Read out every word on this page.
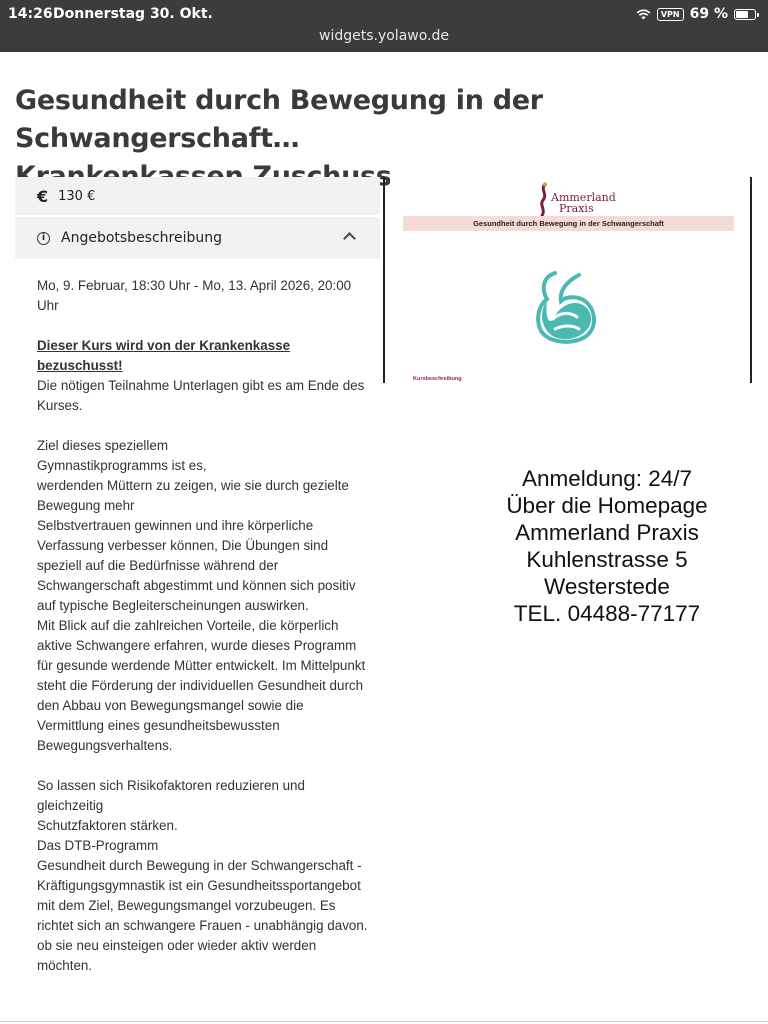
14:26 Donnerstag 30. Okt.	VPN 69 %
widgets.yolawo.de
Gesundheit durch Bewegung in der Schwangerschaft…

€ 130 €
i	Angebotsbeschreibung

Mo, 9. Februar, 18:30 Uhr - Mo, 13. April 2026, 20:00 Uhr

Dieser Kurs wird von der Krankenkasse bezuschusst!

Die nötigen Teilnahme Unterlagen gibt es am Ende des Kurses.

Ziel dieses speziellem

Gymnastikprogramms ist es,

werdenden Müttern zu zeigen, wie sie durch gezielte Bewegung mehr

Selbstvertrauen gewinnen und ihre körperliche Verfassung verbesser können, Die Übungen sind speziell auf die Bedürfnisse während der Schwangerschaft abgestimmt und können sich positiv auf typische Begleiterscheinungen auswirken.

Mit Blick auf die zahlreichen Vorteile, die körperlich aktive Schwangere erfahren, wurde dieses Programm für gesunde werdende Mütter entwickelt. Im Mittelpunkt steht die Förderung der individuellen Gesundheit durch den Abbau von Bewegungsmangel sowie die Vermittlung eines gesundheitsbewussten Bewegungsverhaltens.

So lassen sich Risikofaktoren reduzieren und gleichzeitig

Schutzfaktoren stärken.

Das DTB-Programm

Gesundheit durch Bewegung in der Schwangerschaft - Kräftigungsgymnastik ist ein Gesundheitssportangebot mit dem Ziel, Bewegungsmangel vorzubeugen. Es richtet sich an schwangere Frauen - unabhängig davon. ob sie neu einsteigen oder wieder aktiv werden möchten.

Ammerland
Praxis
Gesundheit durch Bewegung in der Schwangerschaft
Kursbeschreibung
Anmeldung: 24/7
Über die Homepage
Ammerland Praxis
Kuhlenstrasse 5
Westerstede
TEL. 04488-77177
